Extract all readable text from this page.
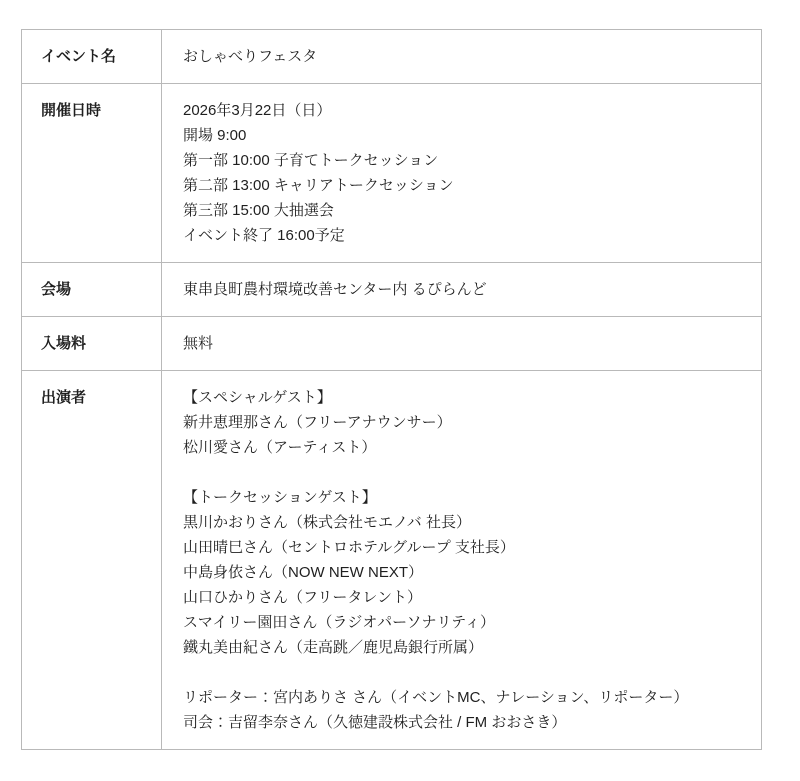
イベント名	おしゃべりフェスタ
開催日時	2026年3月22日（日）
開場 9:00
第一部 10:00 子育てトークセッション
第二部 13:00 キャリアトークセッション
第三部 15:00 大抽選会
イベント終了 16:00予定
会場	東串良町農村環境改善センター内 るぴらんど
入場料	無料
出演者	【スペシャルゲスト】
新井恵理那さん（フリーアナウンサー）
松川愛さん（アーティスト）

【トークセッションゲスト】
黒川かおりさん（株式会社モエノバ 社長）
山田晴巳さん（セントロホテルグループ 支社長）
中島身依さん（NOW NEW NEXT）
山口ひかりさん（フリータレント）
スマイリー園田さん（ラジオパーソナリティ）
鐵丸美由紀さん（走高跳／鹿児島銀行所属）

リポーター：宮内ありさ さん（イベントMC、ナレーション、リポーター）
司会：吉留李奈さん（久徳建設株式会社 / FM おおさき）
